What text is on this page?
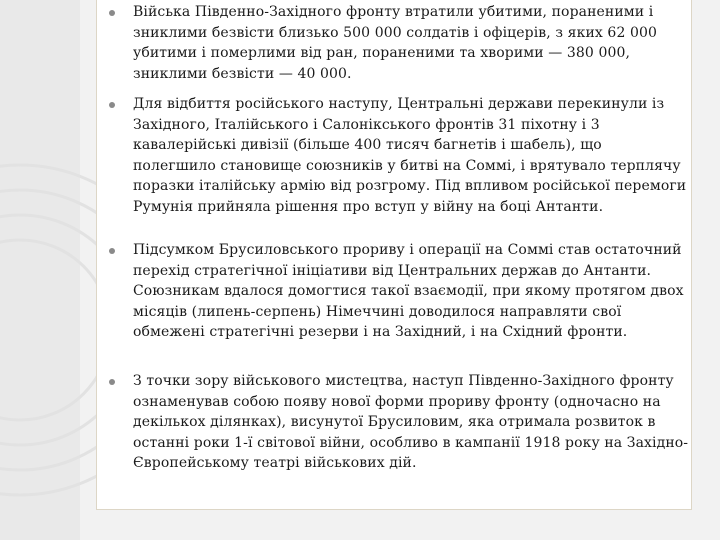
Війська Південно-Західного фронту втратили убитими, пораненими і зниклими безвісти близько 500 000 солдатів і офіцерів, з яких 62 000 убитими і померлими від ран, пораненими та хворими — 380 000, зниклими безвісти — 40 000.

Для відбиття російського наступу, Центральні держави перекинули із Західного, Італійського і Салонікського фронтів 31 піхотну і 3 кавалерійські дивізії (більше 400 тисяч багнетів і шабель), що полегшило становище союзників у битві на Соммі, і врятувало терплячу поразки італійську армію від розгрому. Під впливом російської перемоги Румунія прийняла рішення про вступ у війну на боці Антанти.

Підсумком Брусиловського прориву і операції на Соммі став остаточний перехід стратегічної ініціативи від Центральних держав до Антанти. Союзникам вдалося домогтися такої взаємодії, при якому протягом двох місяців (липень-серпень) Німеччині доводилося направляти свої обмежені стратегічні резерви і на Західний, і на Східний фронти.

З точки зору військового мистецтва, наступ Південно-Західного фронту ознаменував собою появу нової форми прориву фронту (одночасно на декількох ділянках), висунутої Брусиловим, яка отримала розвиток в останні роки 1-ї світової війни, особливо в кампанії 1918 року на Західно-Європейському театрі військових дій.
